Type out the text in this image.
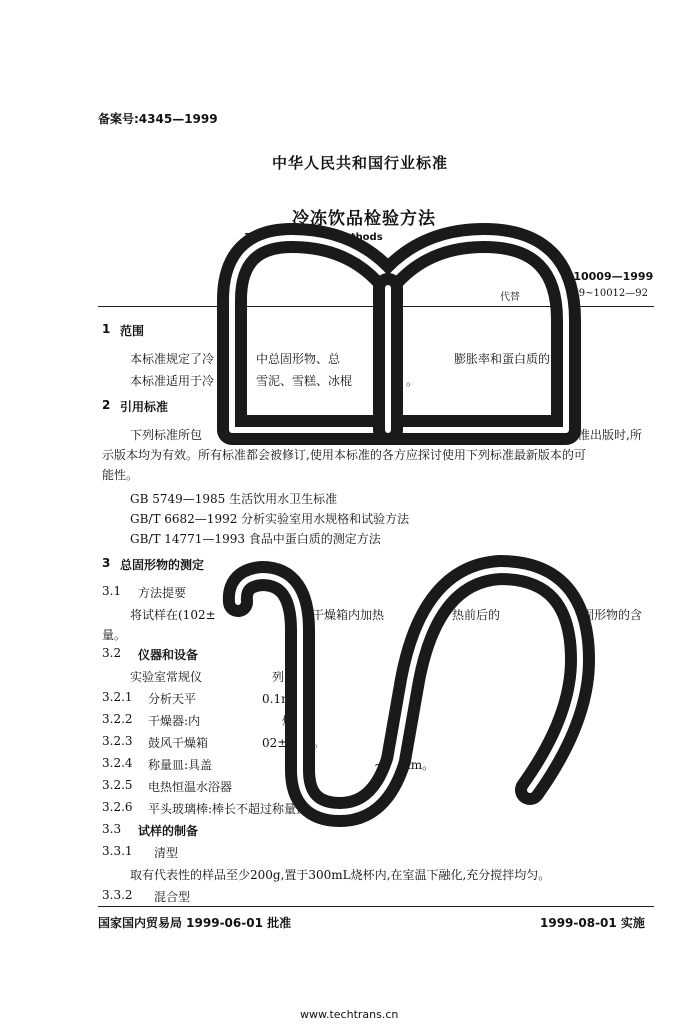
备案号:4345—1999
中华人民共和国行业标准
冷冻饮品检验方法
The	ethods
T 10009—1999
代替	009~10012—92
1 范围
本标准规定了冷	中总固形物、总	膨胀率和蛋白质的测
本标准适用于冷	雪泥、雪糕、冰棍	。
2 引用标准
下列标准所包	准出版时,所
示版本均为有效。所有标准都会被修订,使用本标准的各方应探讨使用下列标准最新版本的可
能性。
GB 5749—1985 生活饮用水卫生标准
GB/T 6682—1992 分析实验室用水规格和试验方法
GB/T 14771—1993 食品中蛋白质的测定方法
3 总固形物的测定
3.1 方法提要
将试样在(102±	风干燥箱内加热	热前后的	总固形物的含
量。
3.2 仪器和设备
实验室常规仪	列各项:
3.2.1 分析天平	0.1mg。
3.2.2 干燥器:内	燥剂。
3.2.3 鼓风干燥箱	02±2)℃。
3.2.4 称量皿:具盖	~30mm。
3.2.5 电热恒温水浴器
3.2.6 平头玻璃棒:棒长不超过称量皿的直径。
3.3 试样的制备
3.3.1 清型
取有代表性的样品至少200g,置于300mL烧杯内,在室温下融化,充分搅拌均匀。
3.3.2 混合型
国家国内贸易局 1999-06-01 批准	1999-08-01 实施
www.techtrans.cn
